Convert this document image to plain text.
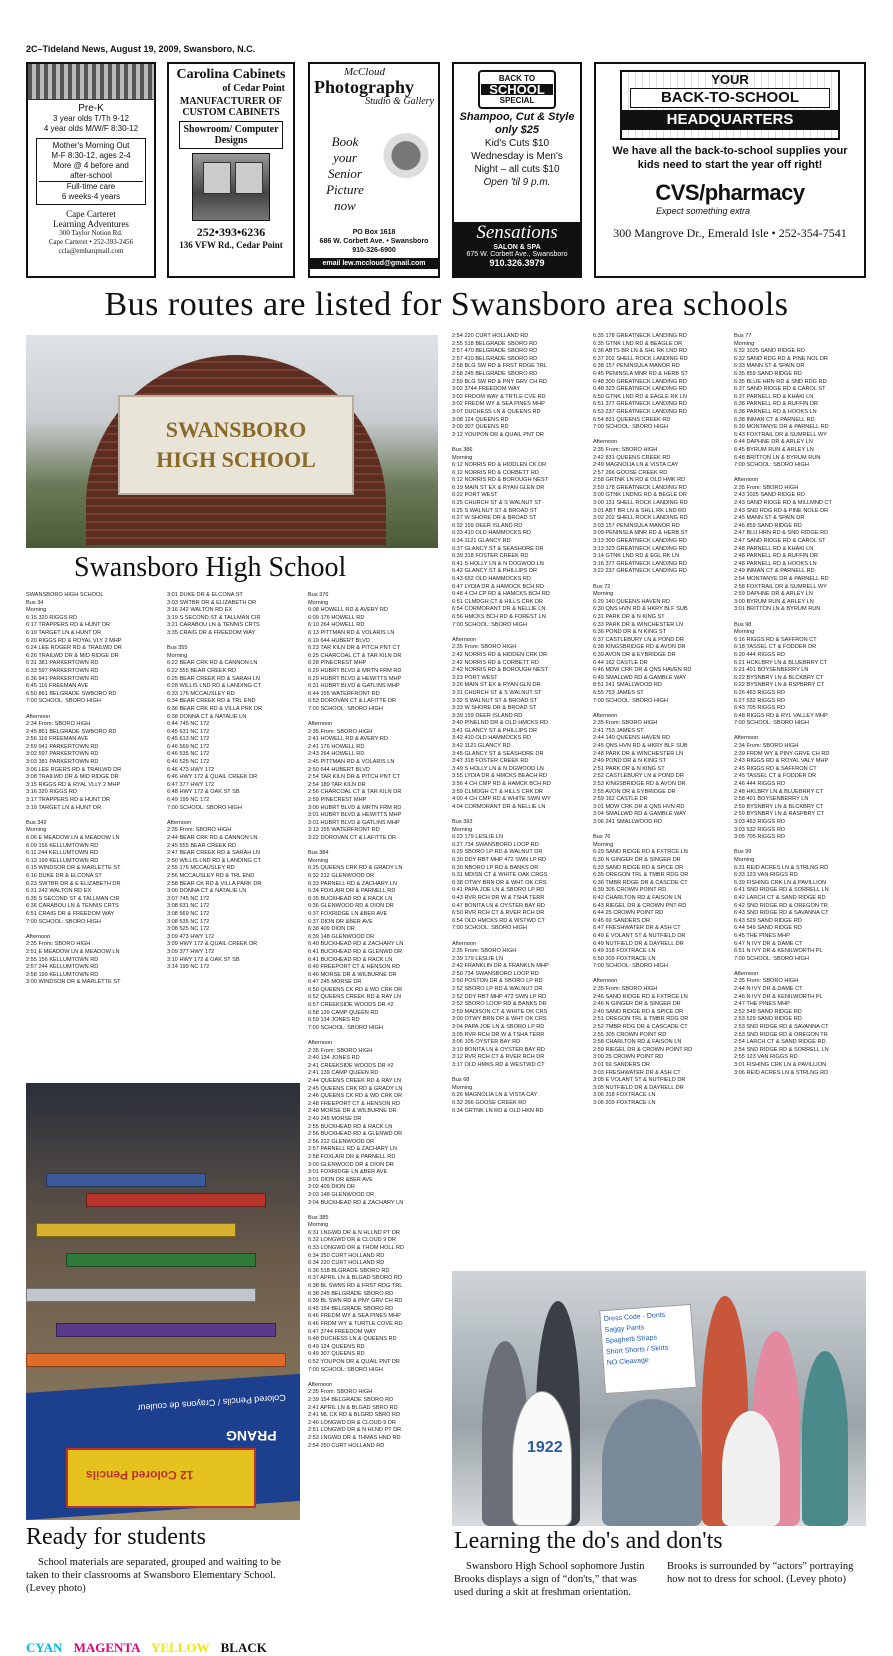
2C–Tideland News, August 19, 2009, Swansboro, N.C.
Pre-K
3 year olds T/Th 9-12
4 year olds M/W/F 8:30-12
Mother's Morning Out
M-F 8:30-12, ages 2-4
More @ 4 before and
after-school
Full-time care
6 weeks-4 years
Cape Carteret
Learning Adventures
300 Taylor Notion Rd.
Cape Carteret • 252-393-2456
ccla@embarqmail.com
Carolina Cabinets
of Cedar Point
MANUFACTURER OF
CUSTOM CABINETS
Showroom/ Computer Designs
252•393•6236
136 VFW Rd., Cedar Point
McCloud
Photography
Studio & Gallery
Book
your
Senior
Picture
now
PO Box 1618
686 W. Corbett Ave. • Swansboro
910-326-6900
email lew.mccloud@gmail.com
BACK TO
SCHOOL
SPECIAL
Shampoo, Cut & Style only $25
Kid's Cuts $10
Wednesday is Men's
Night – all cuts $10
Open 'til 9 p.m.
Sensations
SALON & SPA
675 W. Corbett Ave., Swansboro
910.326.3979
YOUR
BACK-TO-SCHOOL
HEADQUARTERS
We have all the back-to-school supplies your kids need to start the year off right!
CVS/pharmacy
Expect something extra
300 Mangrove Dr., Emerald Isle • 252-354-7541
Bus routes are listed for Swansboro area schools
SWANSBORO
HIGH SCHOOL
Swansboro High School
SWANSBORO HIGH SCHOOL
Bus 34
Morning
6:15 320 RIGGS RD
6:17 TRAPPERS RD & HUNT DR
6:19 TARGET LN & HUNT DR
6:20 RIGGS RD & ROYAL VLY 2 MHP
6:24 LEE ROGER RD & TRAILWD DR
6:26 TRAILWD DR & MID RIDGE DR
6:31 381 PARKERTOWN RD
6:33 597 PARKERTOWN RD
6:36 941 PARKERTOWN RD
6:45 116 FREEMAN AVE
6:50 861 BELGRADE SWBORO RD
7:00 SCHOOL: SBORO HIGH
Afternoon
2:34 From: SBORO HIGH
2:45 861 BELGRADE SWBORO RD
2:56 116 FREEMAN AVE
2:59 941 PARKERTOWN RD
3:02 597 PARKERTOWN RD
3:03 381 PARKERTOWN RD
3:06 LEE RGERS RD & TRAILWD DR
3:08 TRAILWD DR & MID RIDGE DR
3:15 RIGGS RD & RYAL VLLY 2 MHP
3:16 320 RIGGS RD
3:17 TRAPPERS RD & HUNT DR
3:19 TARGET LN & HUNT DR
Bus 342
Morning
6:06 E MEADOW LN & MEADOW LN
6:09 156 KELLUMTOWN RD
6:11 244 KELLUMTOWN RD
6:13 199 KELLUMTOWN RD
6:15 WINDSOR DR & MARLETTE ST
6:16 DUKE DR & ELCONA ST
6:23 SWTBR DR & E ELIZABETH DR
6:31 242 WALTON RD EX
6:35 S SECOND ST & TALLMAN CIR
6:36 CARABOU LN & TENNIS CRTS
6:51 CRAIG DR & FREEDOM WAY
7:00 SCHOOL: SBORO HIGH
Afternoon
2:35 From: SBORO HIGH
2:51 E MEADOW LN & MEADOW LN
2:55 156 KELLUMTOWN RD
2:57 244 KELLUMTOWN RD
2:58 199 KELLUMTOWN RD
3:00 WINDSOR DR & MARLETTE ST
3:01 DUKE DR & ELCONA ST
3:03 SWTBR DR & ELIZABETH DR
3:16 242 WALTON RD EX
3:19 S SECOND ST & TALLMAN CIR
3:21 CARABOU LN & TENNIS CRTS
3:35 CRAIG DR & FREEDOM WAY
Bus 355
Morning
6:22 BEAR CRK RD & CANNON LN
6:22 555 BEAR CREEK RD
6:25 BEAR CREEK RD & SARAH LN
6:28 WILLIS LND RD & LANDING CT
6:33 176 MCCAUSLEY RD
6:34 BEAR CREEK RD & TRL END
6:36 BEAR CRK RD & VILLA PRK DR
6:38 DONNA CT & NATALIE LN
6:44 745 NC 172
6:45 631 NC 172
6:45 613 NC 172
6:46 569 NC 172
6:46 535 NC 172
6:46 525 NC 172
6:46 473 HWY 172
6:46 HWY 172 & QUAIL CREEK DR
6:47 377 HWY 172
6:48 HWY 172 & OAK ST SB
6:49 199 NC 172
7:00 SCHOOL: SBORO HIGH
Afternoon
2:35 From: SBORO HIGH
2:44 BEAR CRK RD & CANNON LN
2:45 555 BEAR CREEK RD
2:47 BEAR CREEK RD & SARAH LN
2:50 WILLIS LND RD & LANDING CT
2:55 176 MCCAUSLEY RD
2:56 MCCAUSLEY RD & TRL END
2:58 BEAR CK RD & VILLA PARK DR
3:00 DONNA CT & NATALIE LN
3:07 745 NC 172
3:08 631 NC 172
3:08 569 NC 172
3:08 535 NC 172
3:08 525 NC 172
3:09 473 HWY 172
3:09 HWY 172 & QUAIL CREEK DR
3:09 377 HWY 172
3:10 HWY 172 & OAK ST SB
3:14 199 NC 172
Bus 376
Morning
6:08 HOWELL RD & AVERY RD
6:09 176 HOWELL RD
6:10 264 HOWELL RD
6:13 PITTMAN RD & VOLARIS LN
6:19 644 HUBERT BLVD
6:23 TAR KILN DR & PITCH PNT CT
6:25 CHARCOAL CT & TAR KILN DR
6:28 PINECREST MHP
6:29 HUBRT BLVD & MRTN FRM RD
6:29 HUBRT BLVD & HEWITTS MHP
6:31 HUBRT BLVD & GATLINS MHP
6:44 155 WATERFRONT RD
6:53 DOROVAN CT & LAFITTE DR
7:00 SCHOOL: SBORO HIGH
Afternoon
2:35 From: SBORO HIGH
2:41 HOWELL RD & AVERY RD
2:41 176 HOWELL RD
2:43 264 HOWELL RD
2:45 PITTMAN RD & VOLARIS LN
2:50 644 HUBERT BLVD
2:54 TAR KILN DR & PITCH PNT CT
2:54 189 TAR KILN DR
2:56 CHARCOAL CT & TAR KILN DR
2:59 PINECREST MHP
3:00 HUBRT BLVD & MRTN FRM RD
3:01 HUBRT BLVD & HEWITTS MHP
3:01 HUBRT BLVD & GATLINS MHP
3:13 155 WATERFRONT RD
3:22 DOROVAN CT & LAFITTE DR
Bus 384
Morning
6:25 QUEENS CRK RD & GRADY LN
6:32 212 GLENWOOD DR
6:33 PARNELL RD & ZACHARY LN
6:34 FOXLAIR DR & PARNELL RD
6:35 BUCKHEAD RD & RACK LN
6:36 GLENWOOD RD & DION DR
6:37 FOXRIDGE LN &BER AVE
6:37 DION DR &BER AVE
6:38 409 DION DR
6:39 148 GLENWOOD DR
6:40 BUCKHEAD RD & ZACHARY LN
6:41 BUCKHEAD RD & GLENWD DR
6:41 BUCKHEAD RD & RACK LN
6:46 FREEPORT CT & HENSON RD
6:46 MORSE DR & WILBURNE DR
6:47 245 MORSE DR
6:50 QUEENS CK RD & WD CRK DR
6:52 QUEENS CREEK RD & RAY LN
6:57 CREEKSIDE WOODS DR #2
6:58 139 CAMP QUEEN RD
6:59 134 JONES RD
7:00 SCHOOL: SBORO HIGH
Afternoon
2:35 From: SBORO HIGH
2:40 134 JONES RD
2:41 CREEKSIDE WOODS DR #2
2:41 139 CAMP QUEEN RD
2:44 QUEENS CREEK RD & RAY LN
2:45 QUEENS CRK RD & GRADY LN
2:46 QUEENS CK RD & WD CRK DR
2:48 FREEPORT CT & HENSON RD
2:48 MORSE DR & WILBURNE DR
2:49 245 MORSE DR
2:55 BUCKHEAD RD & RACK LN
2:56 BUCKHEAD RD & GLENWD DR
2:56 212 GLENWOOD DR
2:57 PARNELL RD & ZACHARY LN
2:58 FOXLAIR DR & PARNELL RD
3:00 GLENWOOD DR & DION DR
3:01 FOXRIDGE LN &BER AVE
3:01 DION DR &BER AVE
3:02 409 DION DR
3:03 148 GLENWOOD DR
3:04 BUCKHEAD RD & ZACHARY LN
Bus 385
Morning
6:31 LNGWD DR & N HLLND PT DR
6:32 LONGWD DR & CLOUD 9 DR
6:33 LONGWD DR & THOM HOLL RD
6:34 250 CURT HOLLAND RD
6:34 220 CURT HOLLAND RD
6:36 518 BLGRADE SBORO RD
6:37 APRIL LN & BLGAD SBORO RD
6:38 BL SWNS RD & FRST RDG TRL
6:38 245 BELGRADE SBORO RD
6:39 BL SWN RD & PNY GRV CH RD
6:45 154 BELGRADE SBORO RD
6:46 FREDM WY & SEA PINES MHP
6:46 FRDM WY & TURTLE COVE RD
6:47 3744 FREEDOM WAY
6:48 DUCHESS LN & QUEENS RD
6:49 124 QUEENS RD
6:49 307 QUEENS RD
6:52 YOUPON DR & QUAIL PNT DR
7:00 SCHOOL: SBORO HIGH
Afternoon
2:35 From: SBORO HIGH
2:39 154 BELGRADE SBORO RD
2:41 APRIL LN & BLGAD SBRO RD
2:41 ML CK RD & BLGRD SBRO RD
2:46 LONGWD DR & CLOUD 9 DR
2:51 LONGWD DR & N HLND PT DR
2:53 LNGWD DR & THMAS HND RD
2:54 250 CURT HOLLAND RD
2:54 220 CURT HOLLAND RD
2:55 518 BELGRADE SBORO RD
2:57 470 BELGRADE SBORO RD
2:57 410 BELGRADE SBORO RD
2:58 BLG SW RD & FRST RDGE TRL
2:58 245 BELGRADE SBORO RD
2:59 BLG SW RD & PNY GRV CH RD
3:02 3744 FREEDOM WAY
3:02 FRDOM WAY & TRTLE CVE RD
3:02 FREDM WY & SEA PINES MHP
3:07 DUCHESS LN & QUEENS RD
3:08 124 QUEENS RD
3:09 307 QUEENS RD
3:12 YOUPON DR & QUAIL PNT DR
Bus 386
Morning
6:12 NORRIS RD & HIDDLEN CK DR
6:12 NORRIS RD & CORBETT RD
6:12 NORRIS RD & BOROUGH NEST
6:19 MAIN ST EX & RYAN GLEN DR
6:22 PORT WEST
6:25 CHURCH ST & S WALNUT ST
6:25 S WALNUT ST & BROAD ST
6:27 W SHORE DR & BROAD ST
6:32 159 DEER ISLAND RD
6:33 410 OLD HAMMOCKS RD
6:34 1121 GLANCY RD
6:37 GLANCY ST & SEASHORE DR
6:39 318 FOSTER CREEK RD
6:41 S HOLLY LN & N DOGWOD LN
6:42 GLANCY ST & PHILLIPS DR
6:43 652 OLD HAMMOCKS RD
6:47 LYDIA DR & HAMOCK BCH RD
6:48 4 CH CP RD & HAMCKS BCH RD
6:51 CLMDGH CT & HILLS CRK DR
6:54 CORMORANT DR & NELLIE LN
6:56 HMCKS BCH RD & FOREST LN
7:00 SCHOOL: SBORO HIGH
Afternoon
2:35 From: SBORO HIGH
2:42 NORRIS RD & HIDDEN CRK DR
2:42 NORRIS RD & CORBETT RD
2:42 NORRIS RD & BOROUGH NEST
3:23 PORT WEST
3:26 MAIN ST EX & RYAN GLN DR
3:31 CHURCH ST & S WALNUT ST
3:32 S WALNUT ST & BROAD ST
3:33 W SHORE DR & BROAD ST
3:39 159 DEER ISLAND RD
3:40 PINELND DR & OLD HMCKS RD
3:41 GLANCY ST & PHILLIPS DR
3:42 410 OLD HAMMOCKS RD
3:42 1121 GLANCY RD
3:45 GLANCY ST & SEASHORE DR
3:47 318 FOSTER CREEK RD
3:49 S HOLLY LN & N DGWOOD LN
3:55 LYDIA DR & HMCKS BEACH RD
3:56 4 CH CMP RD & HAMCK BCH RD
3:59 CLMDGH CT & HILLS CRK DR
4:00 4 CH CMP RD & WHITE SWN WY
4:04 CORMORANT DR & NELLIE LN
Bus 393
Morning
6:23 179 LESLIE LN
6:27 734 SWANSBORO LOOP RD
6:29 SBORO LP RD & WALNUT DR
6:30 DDY RBT MHP 472 SWN LP RD
6:30 NBORO LP RD & BANKS DR
6:31 MDISN CT & WHITE OAK CRGS
6:38 OTWY BRN DR & WHT OK CRS
6:41 PAPA JOE LN & SBORO LP RD
6:43 RVR RCH DR W & TSHA TERR
6:47 BONITA LN & OYSTER BAY RD
6:50 RVR RCH CT & RVER RCH DR
6:54 OLD HMCKS RD & WSTWD CT
7:00 SCHOOL: SBORO HIGH
Afternoon
2:35 From: SBORO HIGH
2:39 179 LESLIE LN
2:42 FRANKLIN DR & FRANKLN MHP
2:50 734 SWANSBORO LOOP RD
2:50 POSTON DR & SBORO LP RD
2:52 SBORO LP RD & WALNUT DR
2:52 DDY RBT MHP 472 SWN LP RD
2:52 SBORO LOOP RD & BANKS DR
2:59 MADISON CT & WHITE OK CRS
3:00 OTWY BRN DR & WHT OK CRS
3:04 PAPA JOE LN & SBORO LP RD
3:05 RVR RCH DR W & TSHA TERR
3:06 105 OYSTER BAY RD
3:10 BONITA LN & OYSTER BAY RD
3:12 RVR RCH CT & RVER RCH DR
3:17 OLD HMKS RD & WESTWD CT
Bus 68
Morning
6:26 MAGNOLIA LN & VISTA CAY
6:32 266 GOOSE CREEK RD
6:34 GRTNK LN RD & OLD HKN RD
6:35 178 GREATNECK LANDING RD
6:35 GTNK LND RD & BEAGLE DR
6:36 ABTS BR LN & SHL RK LND RD
6:37 202 SHELL ROCK LANDING RD
6:38 157 PENINSULA MANOR RD
6:45 PENINSLA MNR RD & HERB ST
6:48 300 GREATNECK LANDING RD
6:48 323 GREATNECK LANDING RD
6:50 GTNK LND RD & EAGLE RK LN
6:51 377 GREATNECK LANDING RD
6:53 237 GREATNECK LANDING RD
6:54 831 QUEENS CREEK RD
7:00 SCHOOL: SBORO HIGH
Afternoon
2:35 From: SBORO HIGH
2:42 831 QUEENS CREEK RD
2:49 MAGNOLIA LN & VISTA CAY
2:57 266 GOOSE CREEK RD
2:58 GRTNK LN RD & OLD HMK RD
2:59 178 GREATNECK LANDING RD
3:00 GTNK LNDNG RD & BEGLE DR
3:00 131 SHELL ROCK LANDING RD
3:01 ABT BR LN & SHLL RK LND RD
3:02 202 SHELL ROCK LANDING RD
3:03 157 PENINSULA MANOR RD
3:09 PENINSLA MNR RD & HERB ST
3:13 300 GREATNECK LANDING RD
3:13 323 GREATNECK LANDING RD
3:14 GTNK LND RD & EGL RK LN
3:16 377 GREATNECK LANDING RD
3:22 237 GREATNECK LANDING RD
Bus 72
Morning
6:29 140 QUEENS HAVEN RD
6:30 QNS HVN RD & HKRY BLF SUB
6:31 PARK DR & N KING ST
6:33 PARK DR & WINCHESTER LN
6:36 POND DR & N KING ST
6:37 CASTLEBURY LN & POND DR
6:38 KINGSBRIDGE RD & AVON DR
6:39 AVON DR & EYBRIDGE DR
6:44 162 CASTLE DR
6:46 MDW CRK DR & QNS HAVEN RD
6:49 SMALLWD RD & GAMBLE WAY
8:51 241 SMALLWOOD RD
6:55 753 JAMES ST
7:00 SCHOOL: SBORO HIGH
Afternoon
2:35 From: SBORO HIGH
2:41 753 JAMES ST
2:44 140 QUEENS HAVEN RD
2:45 QNS HVN RD & HKRY BLF SUB
2:48 PARK DR & WINCHESTER LN
2:49 POND DR & N KING ST
2:51 PARK DR & N KING ST
2:52 CASTLEBURY LN & POND DR
2:53 KINGSBRIDGE RD & AVON DR
2:55 AVON DR & EYBRIDGE DR
2:59 162 CASTLE DR
3:01 MDW CRK DR & QNS HVN RD
3:04 SMALLWD RD & GAMBLE WAY
3:06 241 SMALLWOOD RD
Bus 76
Morning
6:29 SAND RIDGE RD & FXTRCE LN
6:30 N GINGER DR & SINGER DR
6:33 SAND RIDGE RD & SPICE DR
6:35 OREGON TRL & TMBR RDG DR
6:36 TMBR RDGE DR & CASCDE CT
6:39 305 CROWN POINT RD
6:42 CHARLTON RD & FAISON LN
6:43 RIEGEL DR & CROWN PNT RD
6:44 25 CROWN POINT RD
6:45 69 SANDERS DR
6:47 FRESHWATER DR & ASH CT
6:49 E VOLANT ST & NUTFIELD DR
6:49 NUTFIELD DR & DAYRELL DR
6:49 318 FOXTRACE LN
6:50 209 FOXTRACE LN
7:00 SCHOOL: SBORO HIGH
Afternoon
2:35 From: SBORO HIGH
2:46 SAND RIDGE RD & FXTRCE LN
2:46 N GINGER DR & SINGER DR
2:40 SAND RIDGE RD & SPICE DR
2:51 OREGON TRL & TMBR RDG DR
2:52 TMBR RDG DR & CASCADE CT
2:55 305 CROWN POINT RD
2:58 CHARLTON RD & FAISON LN
2:59 RIEGEL DR & CROWN POINT RD
3:00 25 CROWN POINT RD
3:01 69 SANDERS DR
3:03 FRESHWATER DR & ASH CT
3:05 E VOLANT ST & NUTFIELD DR
3:05 NUTFIELD DR & DAYRELL DR
3:06 318 FOXTRACE LN
3:06 209 FOXTRACE LN
Bus 77
Morning
6:32 1025 SAND RIDGE RD
6:32 SAND RDG RD & PINE NOL DR
6:33 MANN ST & SPAIN DR
6:35 859 SAND RIDGE RD
6:35 BLUE HRN RD & SND RDG RD
6:37 SAND RIDGE RD & CAROL ST
6:37 PARNELL RD & KHAKI LN
6:38 PARNELL RD & RUFFIN DR
6:38 PARNELL RD & HOOKS LN
6:38 INMAN CT & PARNELL RD
6:39 MONTANYE DR & PARNELL RD
6:43 FOXTRAIL DR & SUMRELL WY
6:44 DAPHNE DR & ARLEY LN
6:45 BYRUM RUN & ARLEY LN
6:48 BRITTON LN & BYRUM RUN
7:00 SCHOOL: SBORO HIGH
Afternoon
2:35 From: SBORO HIGH
2:43 1025 SAND RIDGE RD
2:43 SAND RIDGE RD & MILLMND CT
2:43 SND RDG RD & PINE NOLE DR
2:45 MANN ST & SPAIN DR
2:46 859 SAND RIDGE RD
2:47 BLU HRN RD & SND RIDGE RD
2:47 SAND RIDGE RD & CAROL ST
2:48 PARNELL RD & KHAKI LN
2:48 PARNELL RD & RUFFIN DR
2:48 PARNELL RD & HOOKS LN
2:49 INMAN CT & PARNELL RD
2:54 MONTANYE DR & PARNELL RD
2:58 FOXTRAIL DR & SUMRELL WY
2:59 DAPHNE DR & ARLEY LN
3:00 BYRUM RUN & ARLEY LN
3:01 BRITTON LN & BYRUM RUN
Bus 98
Morning
6:16 RIGGS RD & SAFFRON CT
6:18 TASSEL CT & FODDER DR
6:20 444 RIGGS RD
6:21 HCKLBRY LN & BLUEBRRY CT
6:21 401 BOYSENBERRY LN
6:22 BYSNBRY LN & BLCKBRY CT
6:22 BYSNBRY LN & RSPBRRY CT
6:26 463 RIGGS RD
6:27 532 RIGGS RD
6:43 705 RIGGS RD
6:48 RIGGS RD & RYL VALLEY MHP
7:00 SCHOOL: SBORO HIGH
Afternoon
2:34 From: SBORO HIGH
2:39 FRDM WY & PINY GRVE CH RD
2:43 RIGGS RD & ROYAL VALY MHP
2:45 RIGGS RD & SAFFRON CT
2:45 TASSEL CT & FODDER DR
2:46 444 RIGGS RD
2:48 HKLBRY LN & BLUEBRRY CT
2:58 401 BOYSENBERRY LN
2:59 BYSNBRY LN & BLCKBRY CT
2:59 BYSNBRY LN & RASPBRY CT
3:03 463 RIGGS RD
3:03 532 RIGGS RD
3:05 705 RIGGS RD
Bus 99
Morning
6:31 REID ACRES LN & STRLNG RD
6:33 123 VAN RIGGS RD
6:39 FISHING CRK LN & PAVILLION
6:41 SND RIDGE RD & SORRELL LN
6:42 LARCH CT & SAND RIDGE RD
6:42 SND RIDGE RD & OREGON TR
6:43 SND RIDGE RD & SAVANNA CT
6:43 529 SAND RIDGE RD
6:44 549 SAND RIDGE RD
6:45 THE PINES MHP
6:47 N IVY DR & DAME CT
6:51 N IVY DR & KENILWORTH PL
7:00 SCHOOL: SBORO HIGH
Afternoon
2:35 From: SBORO HIGH
2:44 N IVY DR & DAME CT
2:46 N IVY DR & KENILWORTH PL
2:47 THE PINES MHP
2:52 549 SAND RIDGE RD
2:53 529 SAND RIDGE RD
2:53 SND RIDGE RD & SAVANNA CT
2:53 SND RIDGE RD & OREGON TR
2:54 LARCH CT & SAND RIDGE RD
2:54 SND RIDGE RD & SORRELL LN
2:55 123 VAN RIGGS RD
3:01 FISHING CRK LN & PAVILLION
3:06 REID ACRES LN & STRLNG RD
Colored Pencils / Crayons de couleur
PRANG
12 Colored Pencils
Ready for students
School materials are separated, grouped and waiting to be taken to their classrooms at Swansboro Elementary School. (Levey photo)
1922
Dress Code - Donts
Saggy Pants
Spaghetti Straps
Short Shorts / Skirts
NO Cleavage
Learning the do's and don'ts
Swansboro High School sophomore Justin Brooks displays a sign of “don'ts,” that was used during a skit at freshman orientation. Brooks is surrounded by “actors” portraying how not to dress for school. (Levey photo)
CYAN MAGENTA YELLOW BLACK
